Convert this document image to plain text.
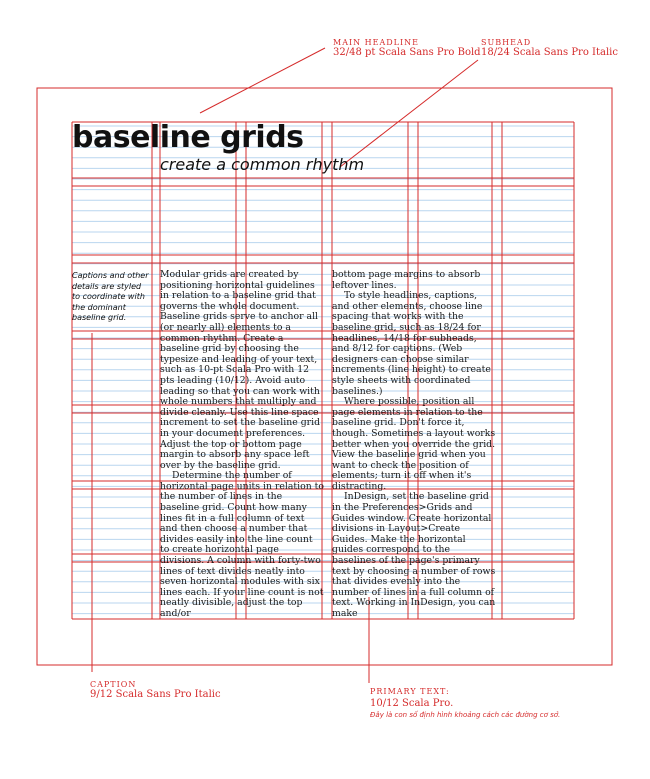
MAIN HEADLINE
32/48 pt Scala Sans Pro Bold
SUBHEAD
18/24 Scala Sans Pro Italic
CAPTION
9/12 Scala Sans Pro Italic	PRIMARY TEXT:
10/12 Scala Pro.
Đây là con số định hình khoảng cách các đường cơ sở.
baseline grids
create a common rhythm
Captions and other details are styled to coordinate with the dominant baseline grid.

Modular grids are created by positioning horizontal guidelines in relation to a baseline grid that governs the whole document. Baseline grids serve to anchor all (or nearly all) elements to a common rhythm. Create a baseline grid by choosing the typesize and leading of your text, such as 10-pt Scala Pro with 12 pts leading (10/12). Avoid auto leading so that you can work with whole numbers that multiply and divide cleanly. Use this line space increment to set the baseline grid in your document preferences. Adjust the top or bottom page margin to absorb any space left over by the baseline grid.

Determine the number of horizontal page units in relation to the number of lines in the baseline grid. Count how many lines fit in a full column of text and then choose a number that divides easily into the line count to create horizontal page divisions. A column with forty-two lines of text divides neatly into seven horizontal modules with six lines each. If your line count is not neatly divisible, adjust the top and/or

bottom page margins to absorb leftover lines.

To style headlines, captions, and other elements, choose line spacing that works with the baseline grid, such as 18/24 for headlines, 14/18 for subheads, and 8/12 for captions. (Web designers can choose similar increments (line height) to create style sheets with coordinated baselines.)

Where possible, position all page elements in relation to the baseline grid. Don't force it, though. Sometimes a layout works better when you override the grid. View the baseline grid when you want to check the position of elements; turn it off when it's distracting.

InDesign, set the baseline grid in the Preferences>Grids and Guides window. Create horizontal divisions in Layout>Create Guides. Make the horizontal guides correspond to the baselines of the page's primary text by choosing a number of rows that divides evenly into the number of lines in a full column of text. Working in InDesign, you can make
